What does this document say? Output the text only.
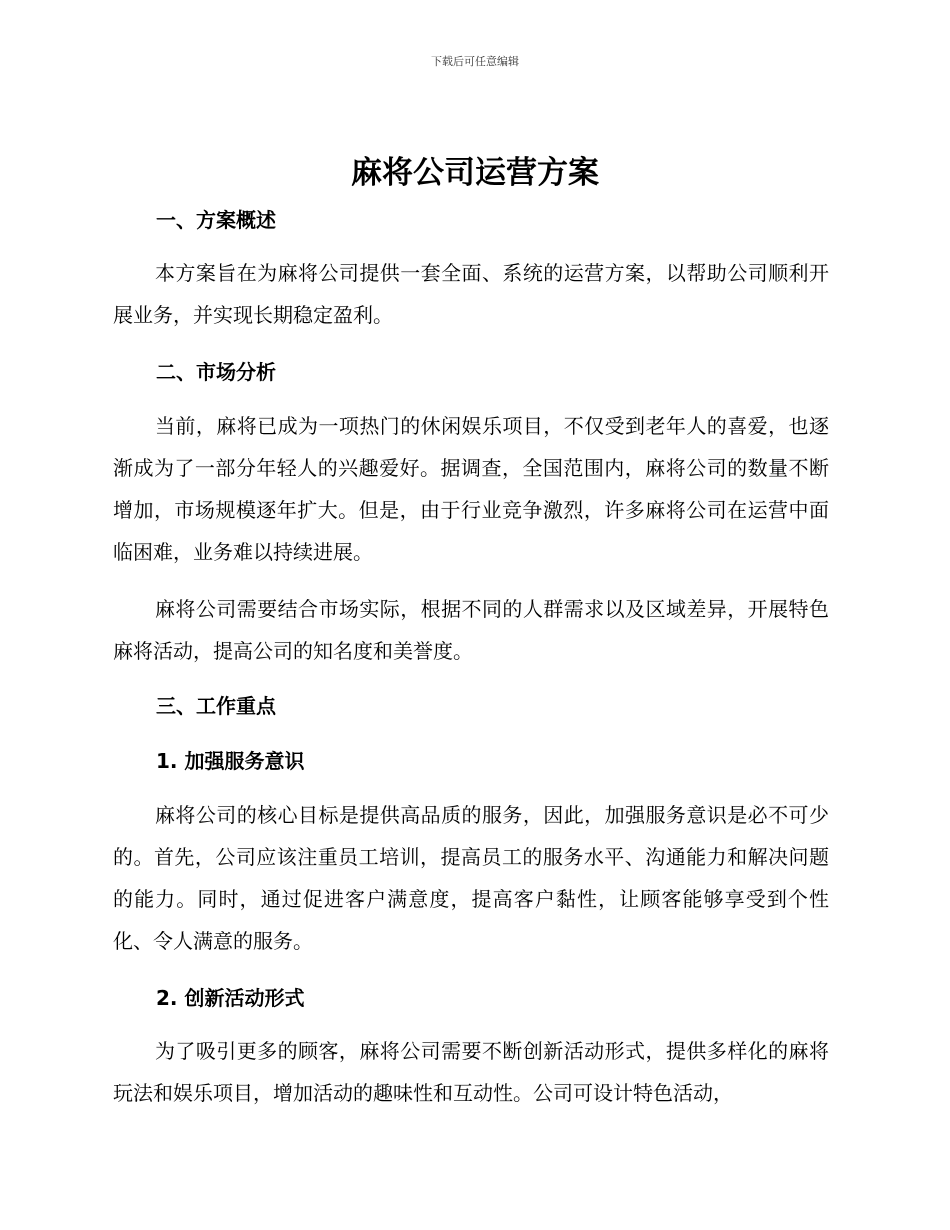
下载后可任意编辑
麻将公司运营方案
一、方案概述

本方案旨在为麻将公司提供一套全面、系统的运营方案，以帮助公司顺利开展业务，并实现长期稳定盈利。

二、市场分析

当前，麻将已成为一项热门的休闲娱乐项目，不仅受到老年人的喜爱，也逐渐成为了一部分年轻人的兴趣爱好。据调查，全国范围内，麻将公司的数量不断增加，市场规模逐年扩大。但是，由于行业竞争激烈，许多麻将公司在运营中面临困难，业务难以持续进展。

麻将公司需要结合市场实际，根据不同的人群需求以及区域差异，开展特色麻将活动，提高公司的知名度和美誉度。

三、工作重点
1. 加强服务意识

麻将公司的核心目标是提供高品质的服务，因此，加强服务意识是必不可少的。首先，公司应该注重员工培训，提高员工的服务水平、沟通能力和解决问题的能力。同时，通过促进客户满意度，提高客户黏性，让顾客能够享受到个性化、令人满意的服务。

2. 创新活动形式

为了吸引更多的顾客，麻将公司需要不断创新活动形式，提供多样化的麻将玩法和娱乐项目，增加活动的趣味性和互动性。公司可设计特色活动，
